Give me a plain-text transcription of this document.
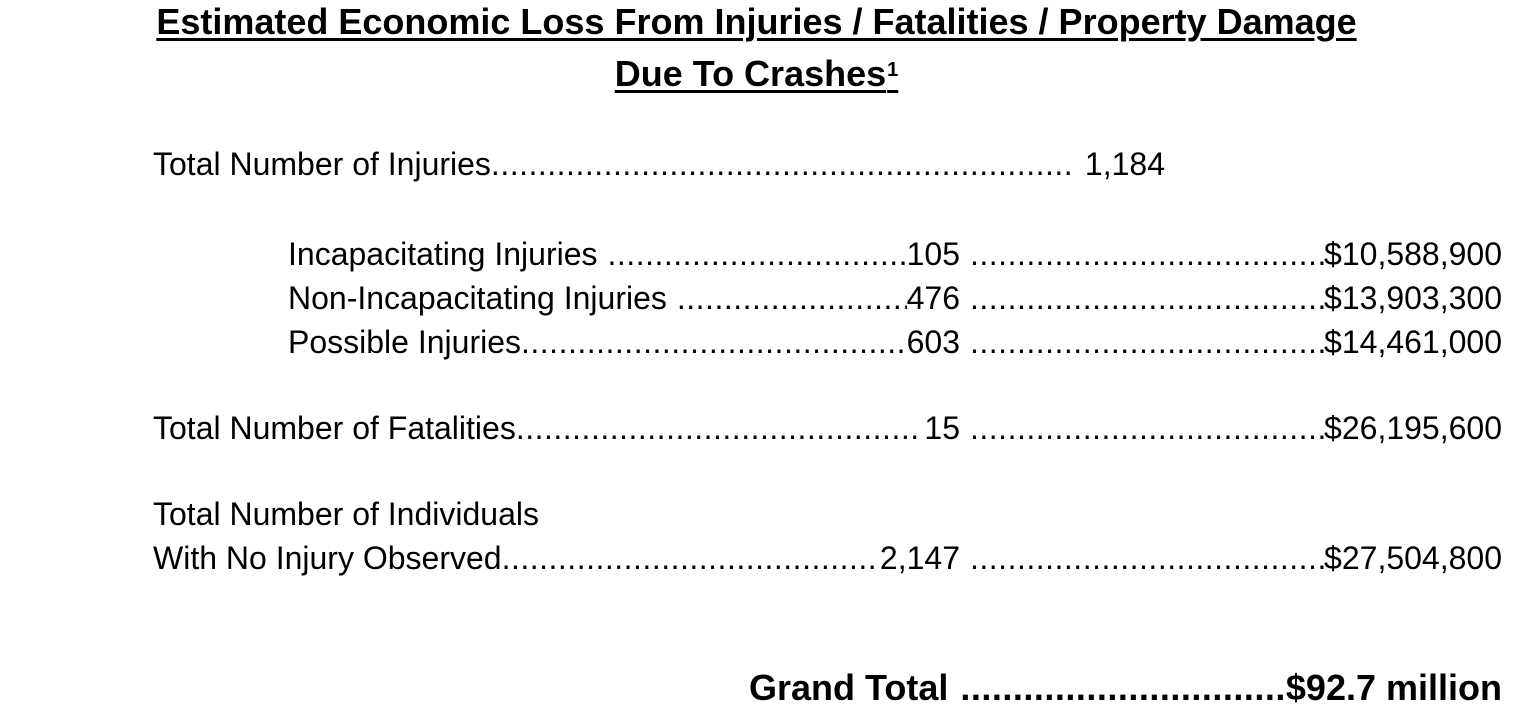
Estimated Economic Loss From Injuries / Fatalities / Property Damage
Due To Crashes$^1$
Total Number of Injuries .....	1,184
Incapacitating Injuries .....	105 .....	$10,588,900
Non-Incapacitating Injuries .....	476 .....	$13,903,300
Possible Injuries .....	603 .....	$14,461,000
Total Number of Fatalities .....	15 .....	$26,195,600
Total Number of Individuals
With No Injury Observed .....	2,147 .....	$27,504,800
Grand Total .....	$92.7 million
